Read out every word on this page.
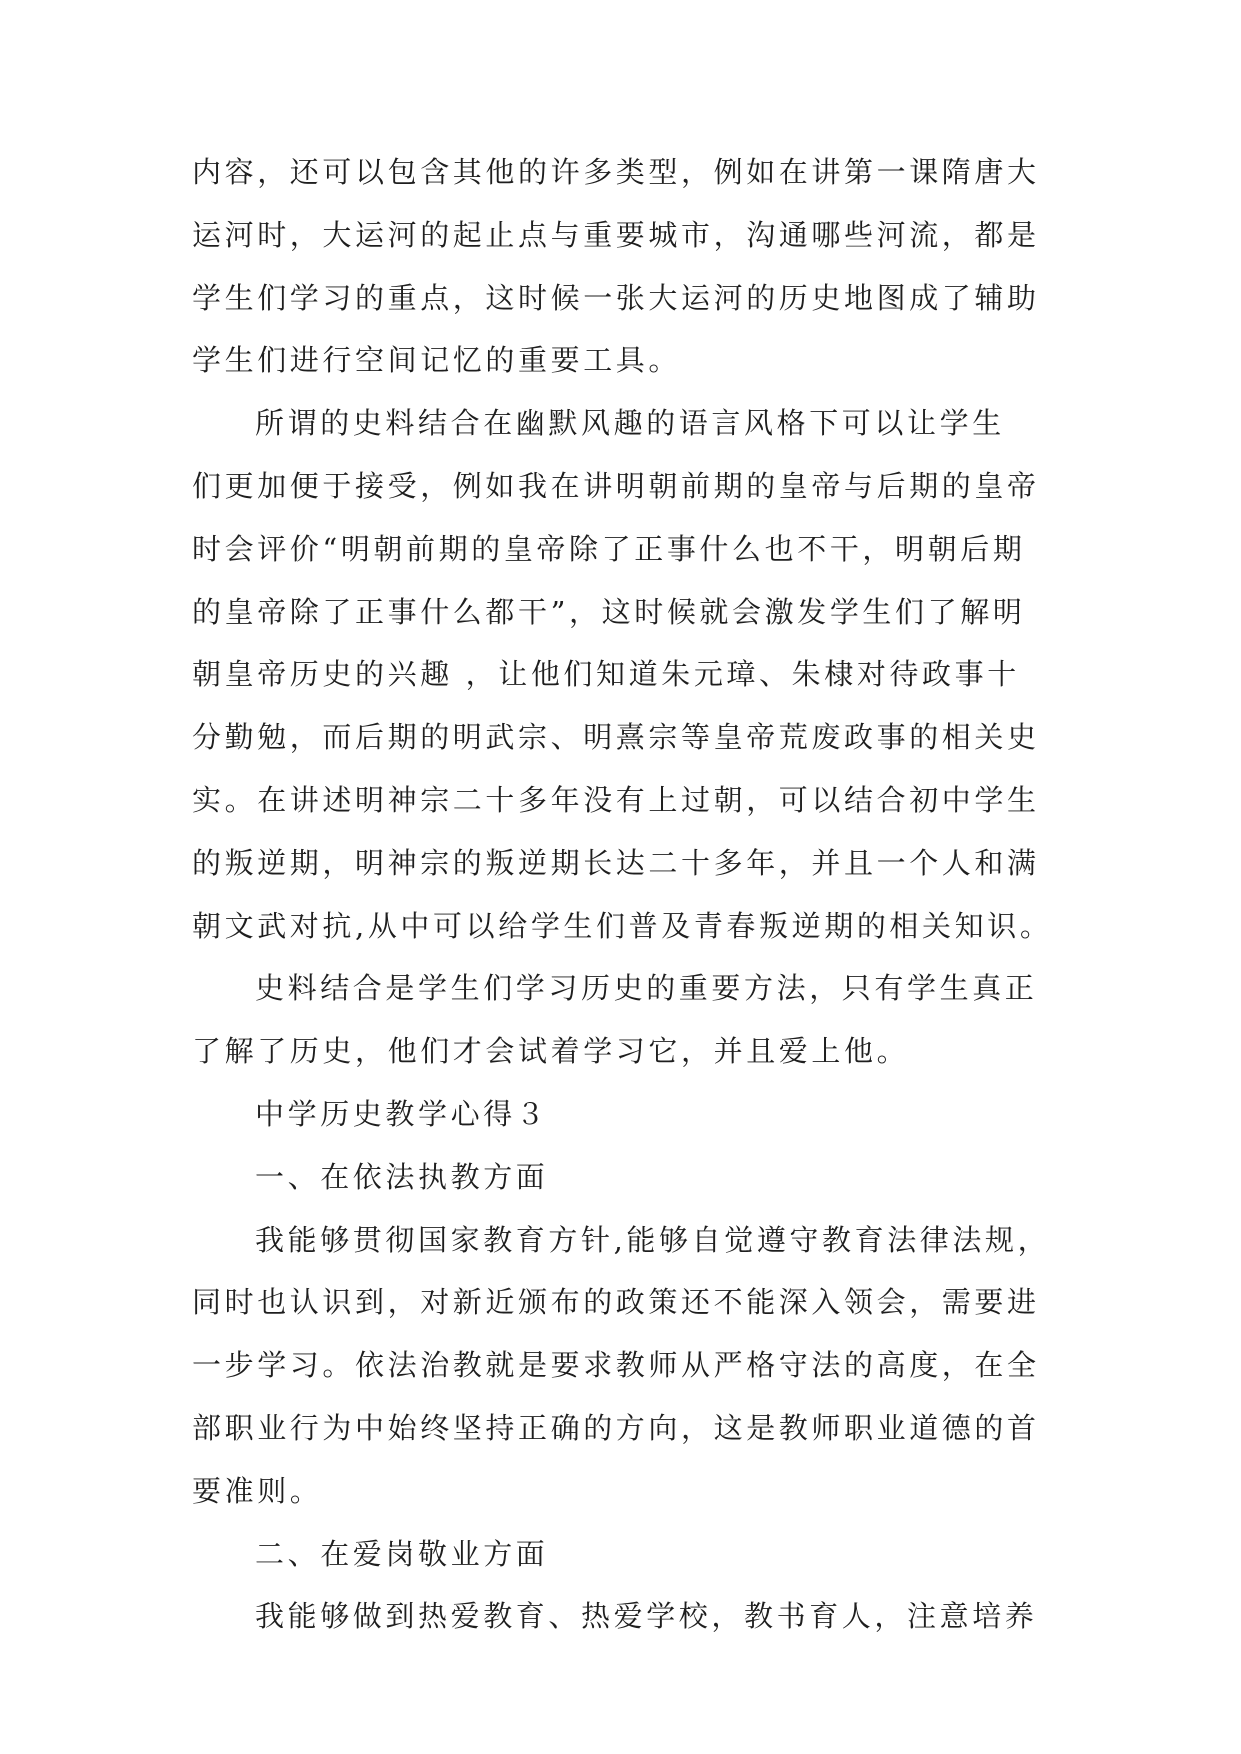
内容，还可以包含其他的许多类型，例如在讲第一课隋唐大
运河时，大运河的起止点与重要城市，沟通哪些河流，都是
学生们学习的重点，这时候一张大运河的历史地图成了辅助
学生们进行空间记忆的重要工具。
所谓的史料结合在幽默风趣的语言风格下可以让学生
们更加便于接受，例如我在讲明朝前期的皇帝与后期的皇帝
时会评价“明朝前期的皇帝除了正事什么也不干，明朝后期
的皇帝除了正事什么都干”，这时候就会激发学生们了解明
朝皇帝历史的兴趣 ，让他们知道朱元璋、朱棣对待政事十
分勤勉，而后期的明武宗、明熹宗等皇帝荒废政事的相关史
实。在讲述明神宗二十多年没有上过朝，可以结合初中学生
的叛逆期，明神宗的叛逆期长达二十多年，并且一个人和满
朝文武对抗,从中可以给学生们普及青春叛逆期的相关知识。
史料结合是学生们学习历史的重要方法，只有学生真正
了解了历史，他们才会试着学习它，并且爱上他。
中学历史教学心得３
一、在依法执教方面
我能够贯彻国家教育方针,能够自觉遵守教育法律法规，
同时也认识到，对新近颁布的政策还不能深入领会，需要进
一步学习。依法治教就是要求教师从严格守法的高度，在全
部职业行为中始终坚持正确的方向，这是教师职业道德的首
要准则。
二、在爱岗敬业方面
我能够做到热爱教育、热爱学校，教书育人，注意培养
